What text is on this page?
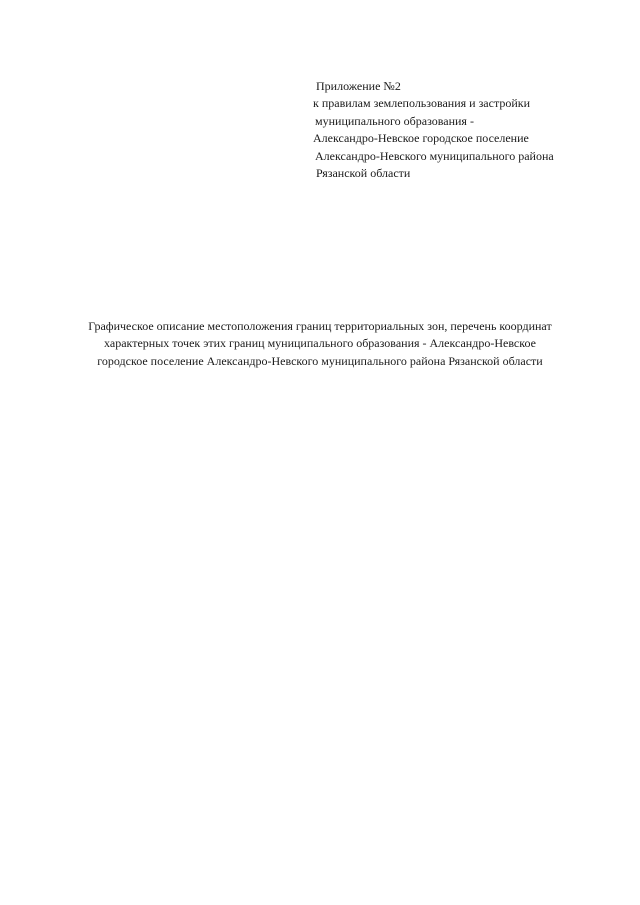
Приложение №2
к правилам землепользования и застройки
муниципального образования -
Александро-Невское городское поселение
Александро-Невского муниципального района
Рязанской области
Графическое описание местоположения границ территориальных зон, перечень координат
характерных точек этих границ муниципального образования - Александро-Невское
городское поселение Александро-Невского муниципального района Рязанской области
